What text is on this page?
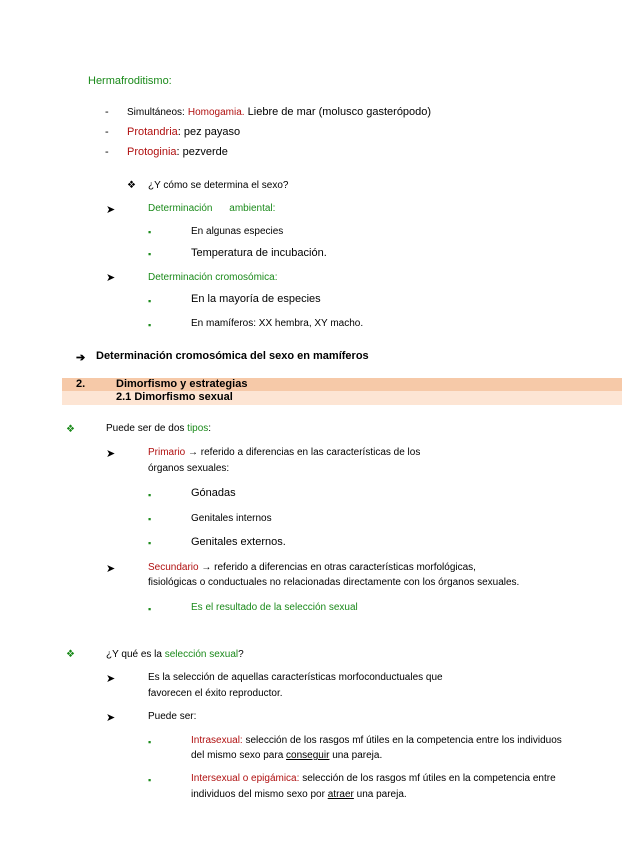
Hermafroditismo:
- Simultáneos: Homogamia. Liebre de mar (molusco gasterópodo)
- Protandria: pez payaso
- Protoginia: pezverde
❖ ¿Y cómo se determina el sexo?
➤	Determinación ambiental:
▪	En algunas especies
▪	Temperatura de incubación.
➤	Determinación cromosómica:
▪	En la mayoría de especies
▪	En mamíferos: XX hembra, XY macho.
➔ Determinación cromosómica del sexo en mamíferos
2.	Dimorfismo y estrategias
2.1 Dimorfismo sexual
❖	Puede ser de dos tipos:
➤	Primario → referido a diferencias en las características de los
órganos sexuales:
▪	Gónadas
▪	Genitales internos
▪	Genitales externos.
➤	Secundario → referido a diferencias en otras características morfológicas,
fisiológicas o conductuales no relacionadas directamente con los órganos sexuales.
▪	Es el resultado de la selección sexual
❖	¿Y qué es la selección sexual?
➤	Es la selección de aquellas características morfoconductuales que
favorecen el éxito reproductor.
➤	Puede ser:
▪	Intrasexual: selección de los rasgos mf útiles en la competencia entre los individuos
del mismo sexo para conseguir una pareja.
▪	Intersexual o epigámica: selección de los rasgos mf útiles en la competencia entre
individuos del mismo sexo por atraer una pareja.
